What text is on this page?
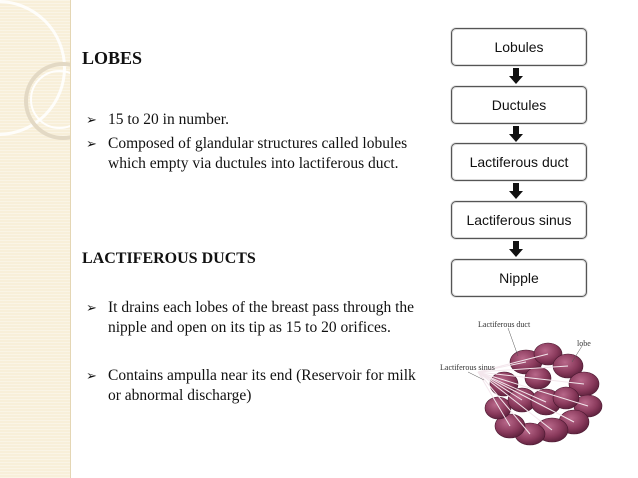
LOBES
➢ 15 to 20 in number.
➢ Composed of glandular structures called lobules which empty via ductules into lactiferous duct.
LACTIFEROUS DUCTS
➢ It drains each lobes of the breast pass through the nipple and open on its tip as 15 to 20 orifices.
➢ Contains ampulla near its end (Reservoir for milk or abnormal discharge)
Lobules
Ductules
Lactiferous duct
Lactiferous sinus
Nipple
Lactiferous duct
lobe
Lactiferous sinus
